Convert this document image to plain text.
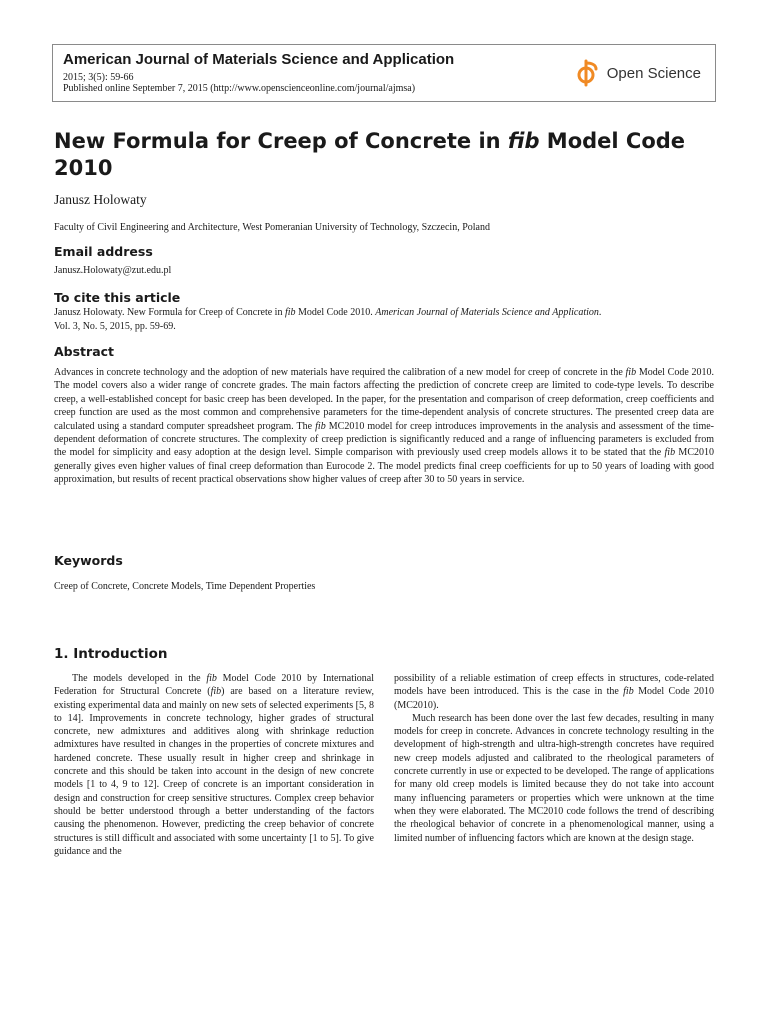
American Journal of Materials Science and Application
2015; 3(5): 59-66
Published online September 7, 2015 (http://www.openscienceonline.com/journal/ajmsa)
Open Science
New Formula for Creep of Concrete in fib Model Code 2010
Janusz Holowaty
Faculty of Civil Engineering and Architecture, West Pomeranian University of Technology, Szczecin, Poland
Email address
Janusz.Holowaty@zut.edu.pl
To cite this article
Janusz Holowaty. New Formula for Creep of Concrete in fib Model Code 2010. American Journal of Materials Science and Application.
Vol. 3, No. 5, 2015, pp. 59-69.
Abstract
Advances in concrete technology and the adoption of new materials have required the calibration of a new model for creep of concrete in the fib Model Code 2010. The model covers also a wider range of concrete grades. The main factors affecting the prediction of concrete creep are limited to code-type levels. To describe creep, a well-established concept for basic creep has been developed. In the paper, for the presentation and comparison of creep deformation, creep coefficients and creep function are used as the most common and comprehensive parameters for the time-dependent analysis of concrete structures. The presented creep data are calculated using a standard computer spreadsheet program. The fib MC2010 model for creep introduces improvements in the analysis and assessment of the time-dependent deformation of concrete structures. The complexity of creep prediction is significantly reduced and a range of influencing parameters is excluded from the model for simplicity and easy adoption at the design level. Simple comparison with previously used creep models allows it to be stated that the fib MC2010 generally gives even higher values of final creep deformation than Eurocode 2. The model predicts final creep coefficients for up to 50 years of loading with good approximation, but results of recent practical observations show higher values of creep after 30 to 50 years in service.
Keywords
Creep of Concrete, Concrete Models, Time Dependent Properties
1. Introduction

The models developed in the fib Model Code 2010 by International Federation for Structural Concrete (fib) are based on a literature review, existing experimental data and mainly on new sets of selected experiments [5, 8 to 14]. Improvements in concrete technology, higher grades of structural concrete, new admixtures and additives along with shrinkage reduction admixtures have resulted in changes in the properties of concrete mixtures and hardened concrete. These usually result in higher creep and shrinkage in concrete and this should be taken into account in the design of new concrete models [1 to 4, 9 to 12]. Creep of concrete is an important consideration in design and construction for creep sensitive structures. Complex creep behavior should be better understood through a better understanding of the factors causing the phenomenon. However, predicting the creep behavior of concrete structures is still difficult and associated with some uncertainty [1 to 5]. To give guidance and the

possibility of a reliable estimation of creep effects in structures, code-related models have been introduced. This is the case in the fib Model Code 2010 (MC2010).

Much research has been done over the last few decades, resulting in many models for creep in concrete. Advances in concrete technology resulting in the development of high-strength and ultra-high-strength concretes have required new creep models adjusted and calibrated to the rheological parameters of concrete currently in use or expected to be developed. The range of applications for many old creep models is limited because they do not take into account many influencing parameters or properties which were unknown at the time when they were elaborated. The MC2010 code follows the trend of describing the rheological behavior of concrete in a phenomenological manner, using a limited number of influencing factors which are known at the design stage.
